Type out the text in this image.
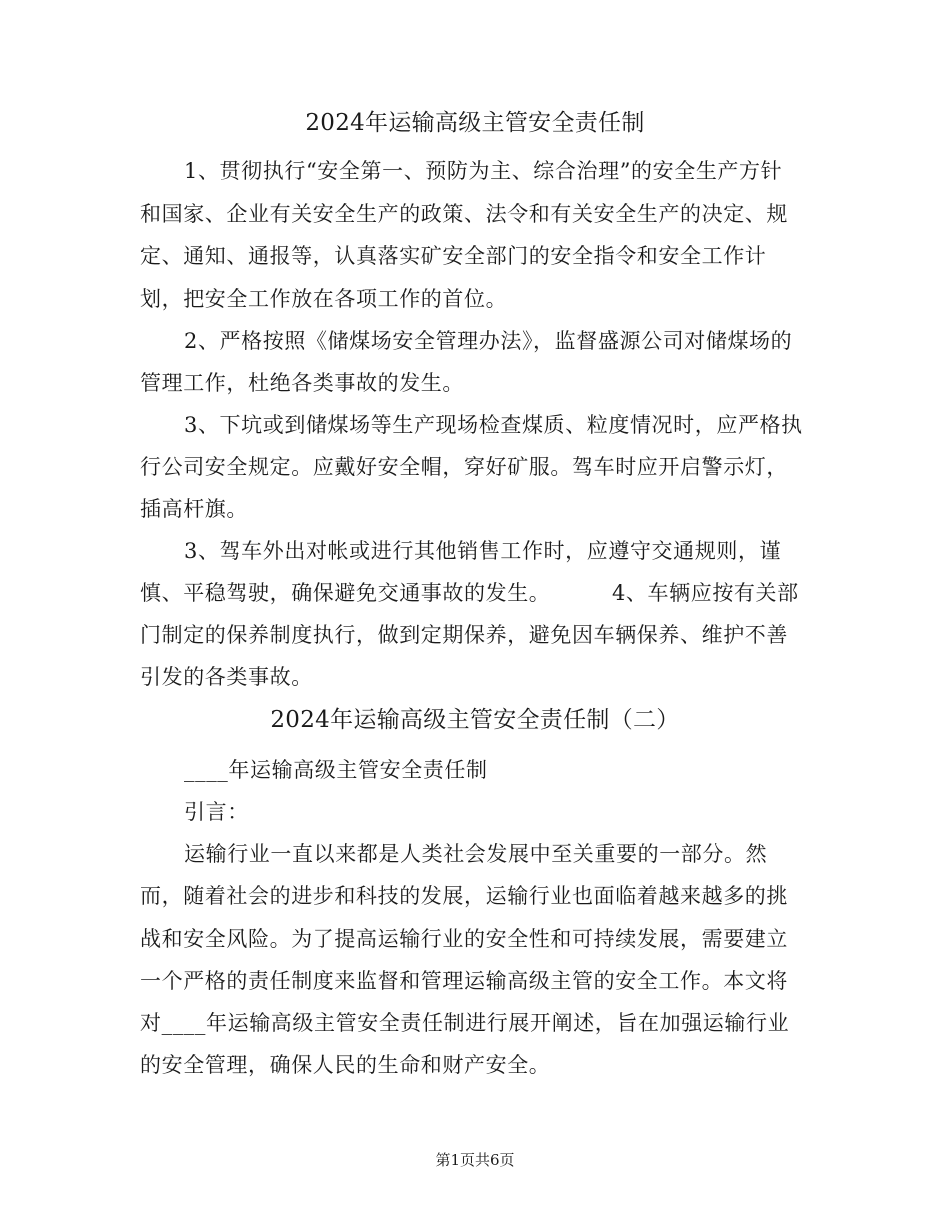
2024年运输高级主管安全责任制
1、贯彻执行“安全第一、预防为主、综合治理”的安全生产方针
和国家、企业有关安全生产的政策、法令和有关安全生产的决定、规
定、通知、通报等，认真落实矿安全部门的安全指令和安全工作计
划，把安全工作放在各项工作的首位。
2、严格按照《储煤场安全管理办法》，监督盛源公司对储煤场的
管理工作，杜绝各类事故的发生。
3、下坑或到储煤场等生产现场检查煤质、粒度情况时，应严格执
行公司安全规定。应戴好安全帽，穿好矿服。驾车时应开启警示灯，
插高杆旗。
3、驾车外出对帐或进行其他销售工作时，应遵守交通规则，谨
慎、平稳驾驶，确保避免交通事故的发生。　　　 4、车辆应按有关部
门制定的保养制度执行，做到定期保养，避免因车辆保养、维护不善
引发的各类事故。
2024年运输高级主管安全责任制（二）
____年运输高级主管安全责任制
引言：
运输行业一直以来都是人类社会发展中至关重要的一部分。然
而，随着社会的进步和科技的发展，运输行业也面临着越来越多的挑
战和安全风险。为了提高运输行业的安全性和可持续发展，需要建立
一个严格的责任制度来监督和管理运输高级主管的安全工作。本文将
对____年运输高级主管安全责任制进行展开阐述，旨在加强运输行业
的安全管理，确保人民的生命和财产安全。
第1页共6页
